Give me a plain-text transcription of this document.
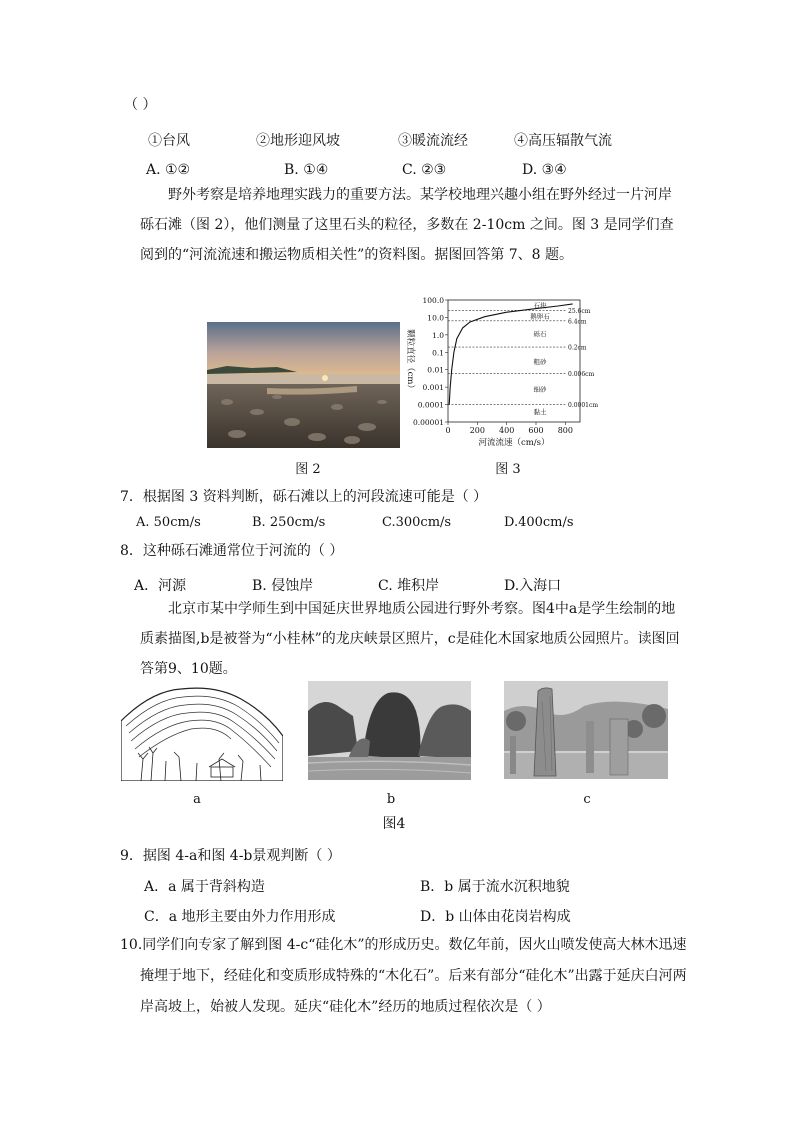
（ ）
①台风	②地形迎风坡	③暖流流经	④高压辐散气流
A. ①②	B. ①④	C. ②③	D. ③④
野外考察是培养地理实践力的重要方法。某学校地理兴趣小组在野外经过一片河岸砾石滩（图 2），他们测量了这里石头的粒径，多数在 2-10cm 之间。图 3 是同学们查阅到的“河流流速和搬运物质相关性”的资料图。据图回答第 7、8 题。
100.0
10.0
1.0
0.1
0.01
0.001
0.0001
0.00001
0 200 400 600 800
25.6cm
6.4cm
0.2cm
0.006cm
0.0001cm
石块
鹅卵石
砾石
粗砂
细砂
黏土
河流流速（cm/s）
颗粒直径（cm）
图 2	图 3
7．根据图 3 资料判断，砾石滩以上的河段流速可能是（ ）
A. 50cm/s	B. 250cm/s	C.300cm/s	D.400cm/s
8．这种砾石滩通常位于河流的（ ）
A．河源	B. 侵蚀岸	C. 堆积岸	D.入海口
北京市某中学师生到中国延庆世界地质公园进行野外考察。图4中a是学生绘制的地质素描图,b是被誉为“小桂林”的龙庆峡景区照片，c是硅化木国家地质公园照片。读图回答第9、10题。
a	b	c
图4
9．据图 4-a和图 4-b景观判断（ ）
A．a 属于背斜构造	B．b 属于流水沉积地貌
C．a 地形主要由外力作用形成	D．b 山体由花岗岩构成
10.同学们向专家了解到图 4-c“硅化木”的形成历史。数亿年前，因火山喷发使高大林木迅速掩埋于地下，经硅化和变质形成特殊的“木化石”。后来有部分“硅化木”出露于延庆白河两岸高坡上，始被人发现。延庆“硅化木”经历的地质过程依次是（ ）
